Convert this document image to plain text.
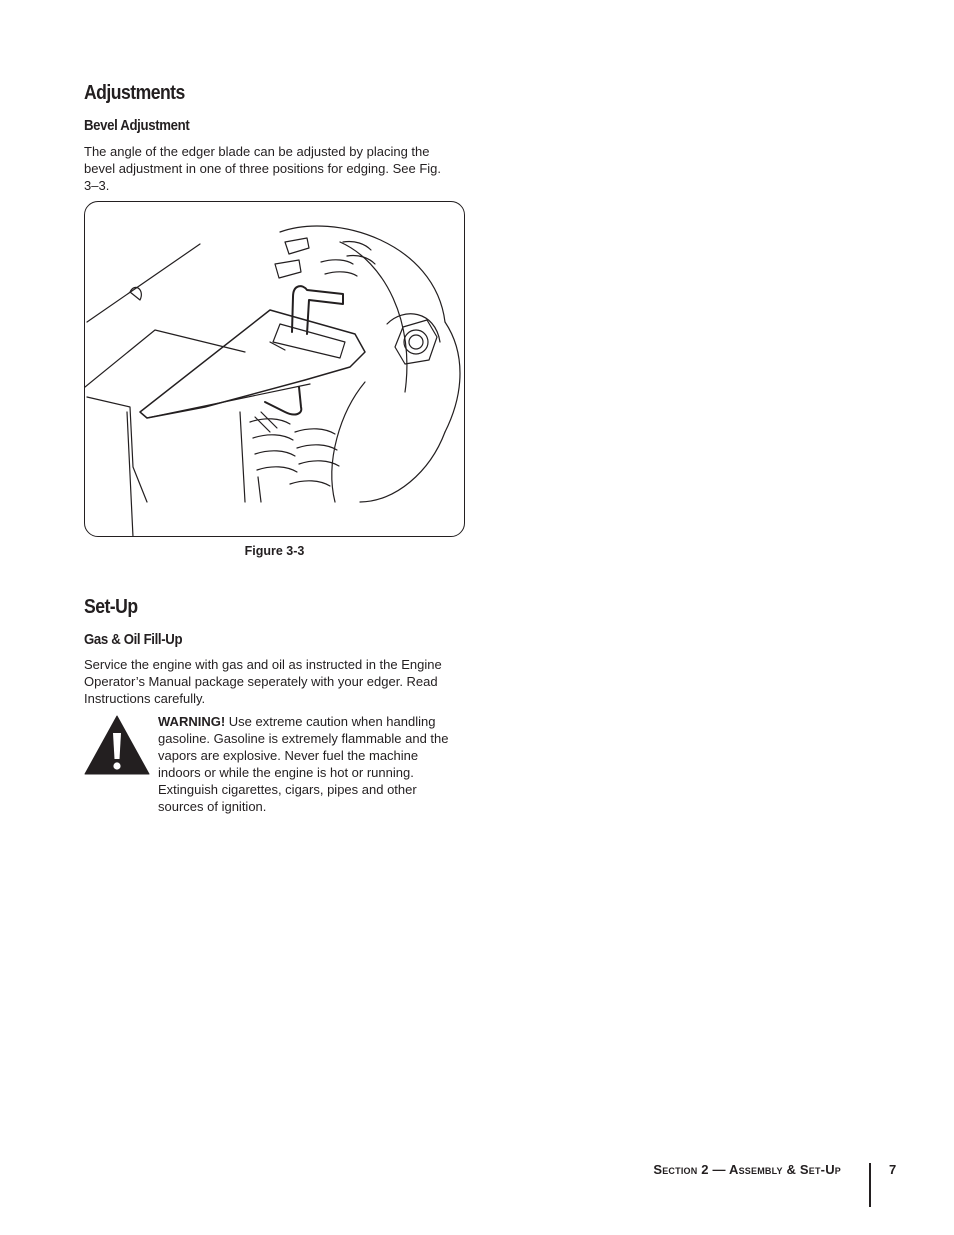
Adjustments
Bevel Adjustment

The angle of the edger blade can be adjusted by placing the bevel adjustment in one of three positions for edging. See Fig. 3–3.

Figure 3-3

Set-Up
Gas & Oil Fill-Up

Service the engine with gas and oil as instructed in the Engine Operator’s Manual package seperately with your edger. Read Instructions carefully.

WARNING! Use extreme caution when handling gasoline. Gasoline is extremely flammable and the vapors are explosive. Never fuel the machine indoors or while the engine is hot or running. Extinguish cigarettes, cigars, pipes and other sources of ignition.

Section 2 — Assembly & Set-Up	7
